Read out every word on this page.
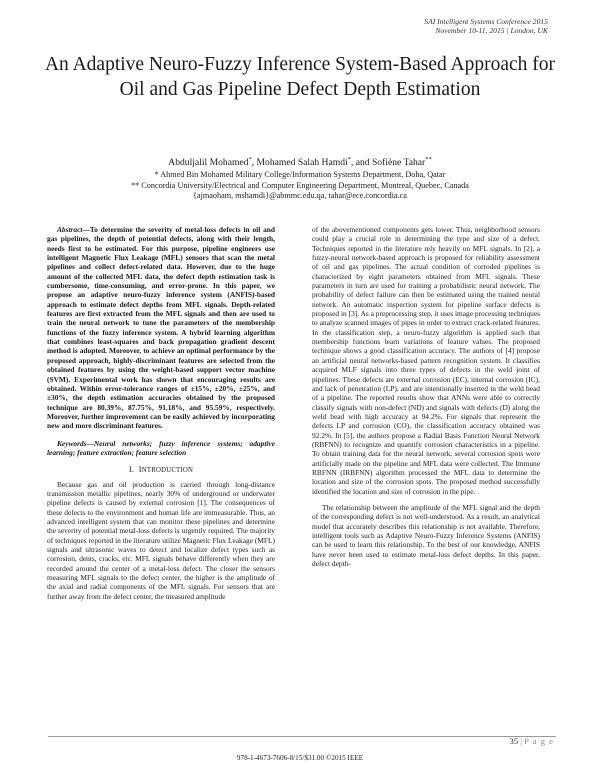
SAI Intelligent Systems Conference 2015
November 10-11, 2015 | London, UK
An Adaptive Neuro-Fuzzy Inference System-Based Approach for Oil and Gas Pipeline Defect Depth Estimation
Abduljalil Mohamed*, Mohamed Salah Hamdi*, and Sofiène Tahar**
* Ahmed Bin Mohamed Military College/Information Systems Department, Doha, Qatar
** Concordia University/Electrical and Computer Engineering Department, Montreal, Quebec, Canada
{ajmaoham, mshamdi}@abmmc.edu.qa, tahar@ece.concordia.ca

Abstract—To determine the severity of metal-loss defects in oil and gas pipelines, the depth of potential defects, along with their length, needs first to be estimated. For this purpose, pipeline engineers use intelligent Magnetic Flux Leakage (MFL) sensors that scan the metal pipelines and collect defect-related data. However, due to the huge amount of the collected MFL data, the defect depth estimation task is cumbersome, time-consuming, and error-prone. In this paper, we propose an adaptive neuro-fuzzy inference system (ANFIS)-based approach to estimate defect depths from MFL signals. Depth-related features are first extracted from the MFL signals and then are used to train the neural network to tune the parameters of the membership functions of the fuzzy inference system. A hybrid learning algorithm that combines least-squares and back propagation gradient descent method is adopted. Moreover, to achieve an optimal performance by the proposed approach, highly-discriminant features are selected from the obtained features by using the weight-based support vector machine (SVM). Experimental work has shown that encouraging results are obtained. Within error-tolerance ranges of ±15%, ±20%, ±25%, and ±30%, the depth estimation accuracies obtained by the proposed technique are 80.39%, 87.75%, 91.18%, and 95.59%, respectively. Moreover, further improvement can be easily achieved by incorporating new and more discriminant features.

Keywords—Neural networks; fuzzy inference systems; adaptive learning; feature extraction; feature selection

I. INTRODUCTION

Because gas and oil production is carried through long-distance transmission metallic pipelines, nearly 30% of underground or underwater pipeline defects is caused by external corrosion [1]. The consequences of these defects to the environment and human life are immeasurable. Thus, an advanced intelligent system that can monitor these pipelines and determine the severity of potential metal-loss defects is urgently required. The majority of techniques reported in the literature utilize Magnetic Flux Leakage (MFL) signals and ultrasonic waves to detect and localize defect types such as corrosion, dents, cracks, etc. MFL signals behave differently when they are recorded around the center of a metal-loss defect. The closer the sensors measuring MFL signals to the defect center, the higher is the amplitude of the axial and radial components of the MFL signals. For sensors that are further away from the defect center, the measured amplitude

of the abovementioned components gets lower. Thus, neighborhood sensors could play a crucial role in determining the type and size of a defect. Techniques reported in the literature rely heavily on MFL signals. In [2], a fuzzy-neural network-based approach is proposed for reliability assessment of oil and gas pipelines. The actual condition of corroded pipelines is characterized by eight parameters obtained from MFL signals. These parameters in turn are used for training a probabilistic neural network. The probability of defect failure can then be estimated using the trained neural network. An automatic inspection system for pipeline surface defects is proposed in [3]. As a preprocessing step, it uses image processing techniques to analyze scanned images of pipes in order to extract crack-related features. In the classification step, a neuro-fuzzy algorithm is applied such that membership functions learn variations of feature values. The proposed technique shows a good classification accuracy. The authors of [4] propose an artificial neural networks-based pattern recognition system. It classifies acquired MLF signals into three types of defects in the weld joint of pipelines. These defects are external corrosion (EC), internal corrosion (IC), and lack of penetration (LP), and are intentionally inserted in the weld bead of a pipeline. The reported results show that ANNs were able to correctly classify signals with non-defect (ND) and signals with defects (D) along the weld bead with high accuracy at 94.2%. For signals that represent the defects LP and corrosion (CO), the classification accuracy obtained was 92.2%. In [5], the authors propose a Radial Basis Function Neural Network (RBFNN) to recognize and quantify corrosion characteristics in a pipeline. To obtain training data for the neural network, several corrosion spots were artificially made on the pipeline and MFL data were collected. The Immune RBFNN (IRBFNN) algorithm processed the MFL data to determine the location and size of the corrosion spots. The proposed method successfully identified the location and size of corrosion in the pipe.

The relationship between the amplitude of the MFL signal and the depth of the corresponding defect is not well-understood. As a result, an analytical model that accurately describes this relationship is not available. Therefore, intelligent tools such as Adaptive Neuro-Fuzzy Inference Systems (ANFIS) can be used to learn this relationship. To the best of our knowledge, ANFIS have never been used to estimate metal-loss defect depths. In this paper, defect depth-

35 | P a g e
978-1-4673-7606-8/15/$31.00 ©2015 IEEE
